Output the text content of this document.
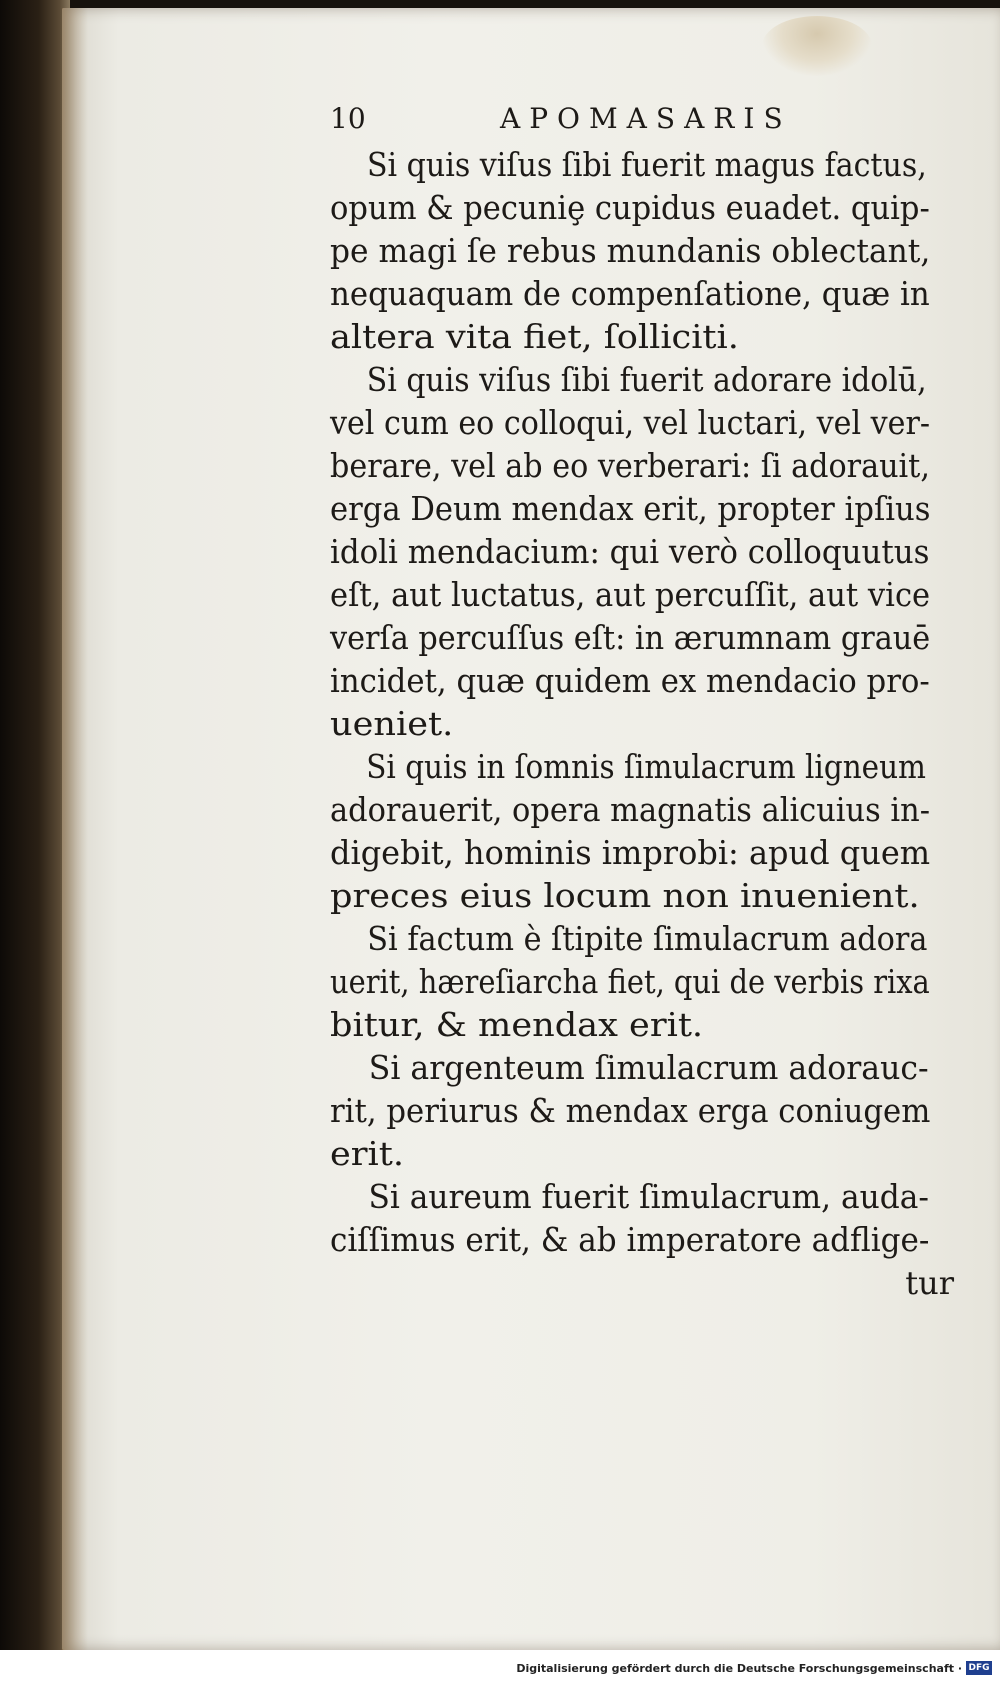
10	APOMASARIS
Si quis viſus ſibi fuerit magus factus,
opum & pecuniȩ cupidus euadet. quip-
pe magi ſe rebus mundanis oblectant,
nequaquam de compenſatione, quæ in
altera vita fiet, ſolliciti.
Si quis viſus ſibi fuerit adorare idolū,
vel cum eo colloqui, vel luctari, vel ver-
berare, vel ab eo verberari: ſi adorauit,
erga Deum mendax erit, propter ipſius
idoli mendacium: qui verò colloquutus
eſt, aut luctatus, aut percuſſit, aut vice
verſa percuſſus eſt: in ærumnam grauē
incidet, quæ quidem ex mendacio pro-
ueniet.
Si quis in ſomnis ſimulacrum ligneum
adorauerit, opera magnatis alicuius in-
digebit, hominis improbi: apud quem
preces eius locum non inuenient.
Si factum è ſtipite ſimulacrum adora
uerit, hæreſiarcha fiet, qui de verbis rixa
bitur, & mendax erit.
Si argenteum ſimulacrum adorauc-
rit, periurus & mendax erga coniugem
erit.
Si aureum fuerit ſimulacrum, auda-
ciſſimus erit, & ab imperatore adflige-
tur
Digitalisierung gefördert durch die Deutsche Forschungsgemeinschaft · DFG
